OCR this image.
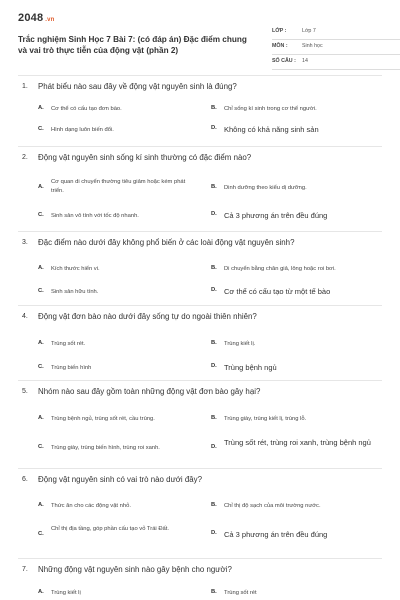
2048 .vn
Trắc nghiệm Sinh Học 7 Bài 7: (có đáp án) Đặc điểm chung và vai trò thực tiễn của động vật (phần 2)
LỚP :	Lớp 7
MÔN :	Sinh học
SỐ CÂU : 14
1. Phát biểu nào sau đây về động vật nguyên sinh là đúng?
A. Cơ thể có cấu tạo đơn bào.	B. Chỉ sống kí sinh trong cơ thể người.
C. Hình dạng luôn biến đổi.	D. Không có khả năng sinh sản
2. Động vật nguyên sinh sống kí sinh thường có đặc điểm nào?
A.
Cơ quan di chuyển thường tiêu giảm hoặc kém phát triển.
B. Dinh dưỡng theo kiểu dị dưỡng.
C. Sinh sản vô tính với tốc độ nhanh.	D. Cả 3 phương án trên đều đúng
3. Đặc điểm nào dưới đây không phổ biến ở các loài động vật nguyên sinh?
A. Kích thước hiển vi.	B. Di chuyển bằng chân giả, lông hoặc roi bơi.
C. Sinh sản hữu tính.	D. Cơ thể có cấu tạo từ một tế bào
4. Động vật đơn bào nào dưới đây sống tự do ngoài thiên nhiên?
A. Trùng sốt rét.	B. Trùng kiết lị.
C. Trùng biến hình	D. Trùng bệnh ngủ
5. Nhóm nào sau đây gồm toàn những động vật đơn bào gây hại?
A. Trùng bệnh ngủ, trùng sốt rét, cầu trùng.	B. Trùng giày, trùng kiết lị, trùng lỗ.
C. Trùng giày, trùng biến hình, trùng roi xanh.	D. Trùng sốt rét, trùng roi xanh, trùng bệnh ngủ
6. Động vật nguyên sinh có vai trò nào dưới đây?
A. Thức ăn cho các động vật nhỏ.	B. Chỉ thị độ sạch của môi trường nước.
C.
Chỉ thị địa tầng, góp phần cấu tạo vỏ Trái Đất.
D. Cả 3 phương án trên đều đúng
7. Những động vật nguyên sinh nào gây bệnh cho người?
A. Trùng kiết lị	B. Trùng sốt rét
